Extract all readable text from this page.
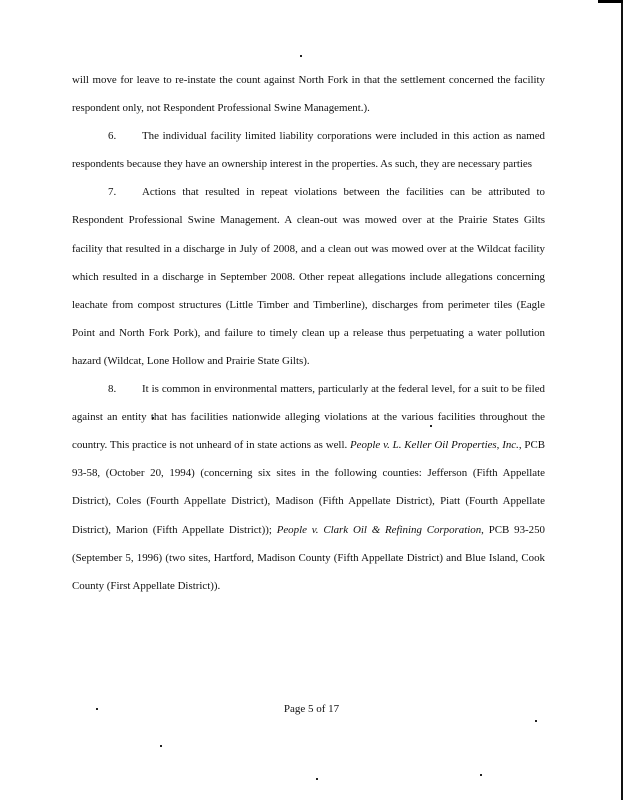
will move for leave to re-instate the count against North Fork in that the settlement concerned the facility respondent only, not Respondent Professional Swine Management.).

6. The individual facility limited liability corporations were included in this action as named respondents because they have an ownership interest in the properties. As such, they are necessary parties

7. Actions that resulted in repeat violations between the facilities can be attributed to Respondent Professional Swine Management. A clean-out was mowed over at the Prairie States Gilts facility that resulted in a discharge in July of 2008, and a clean out was mowed over at the Wildcat facility which resulted in a discharge in September 2008. Other repeat allegations include allegations concerning leachate from compost structures (Little Timber and Timberline), discharges from perimeter tiles (Eagle Point and North Fork Pork), and failure to timely clean up a release thus perpetuating a water pollution hazard (Wildcat, Lone Hollow and Prairie State Gilts).

8. It is common in environmental matters, particularly at the federal level, for a suit to be filed against an entity that has facilities nationwide alleging violations at the various facilities throughout the country. This practice is not unheard of in state actions as well. People v. L. Keller Oil Properties, Inc., PCB 93-58, (October 20, 1994) (concerning six sites in the following counties: Jefferson (Fifth Appellate District), Coles (Fourth Appellate District), Madison (Fifth Appellate District), Piatt (Fourth Appellate District), Marion (Fifth Appellate District)); People v. Clark Oil & Refining Corporation, PCB 93-250 (September 5, 1996) (two sites, Hartford, Madison County (Fifth Appellate District) and Blue Island, Cook County (First Appellate District)).

Page 5 of 17
